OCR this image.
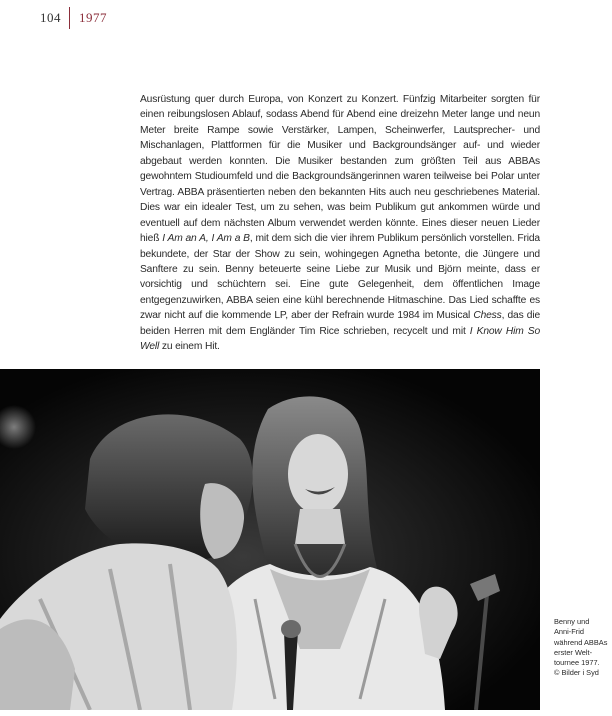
104 1977
Ausrüstung quer durch Europa, von Konzert zu Konzert. Fünfzig Mitarbeiter sorgten für einen reibungslosen Ablauf, sodass Abend für Abend eine dreizehn Meter lange und neun Meter breite Rampe sowie Verstärker, Lampen, Scheinwerfer, Lautsprecher- und Mischanlagen, Plattformen für die Musiker und Backgroundsänger auf- und wieder abgebaut werden konnten. Die Musiker bestanden zum größten Teil aus ABBAs gewohntem Studioumfeld und die Backgroundsängerinnen waren teilweise bei Polar unter Vertrag. ABBA präsentierten neben den bekannten Hits auch neu geschriebenes Material. Dies war ein idealer Test, um zu sehen, was beim Publikum gut ankommen würde und eventuell auf dem nächsten Album verwendet werden könnte. Eines dieser neuen Lieder hieß I Am an A, I Am a B, mit dem sich die vier ihrem Publikum persönlich vorstellen. Frida bekundete, der Star der Show zu sein, wohingegen Agnetha betonte, die Jüngere und Sanftere zu sein. Benny beteuerte seine Liebe zur Musik und Björn meinte, dass er vorsichtig und schüchtern sei. Eine gute Gelegenheit, dem öffentlichen Image entgegenzuwirken, ABBA seien eine kühl berechnende Hitmaschine. Das Lied schaffte es zwar nicht auf die kommende LP, aber der Refrain wurde 1984 im Musical Chess, das die beiden Herren mit dem Engländer Tim Rice schrieben, recycelt und mit I Know Him So Well zu einem Hit.
Benny und
Anni-Frid
während ABBAs
erster Welt-
tournee 1977.
© Bilder i Syd
